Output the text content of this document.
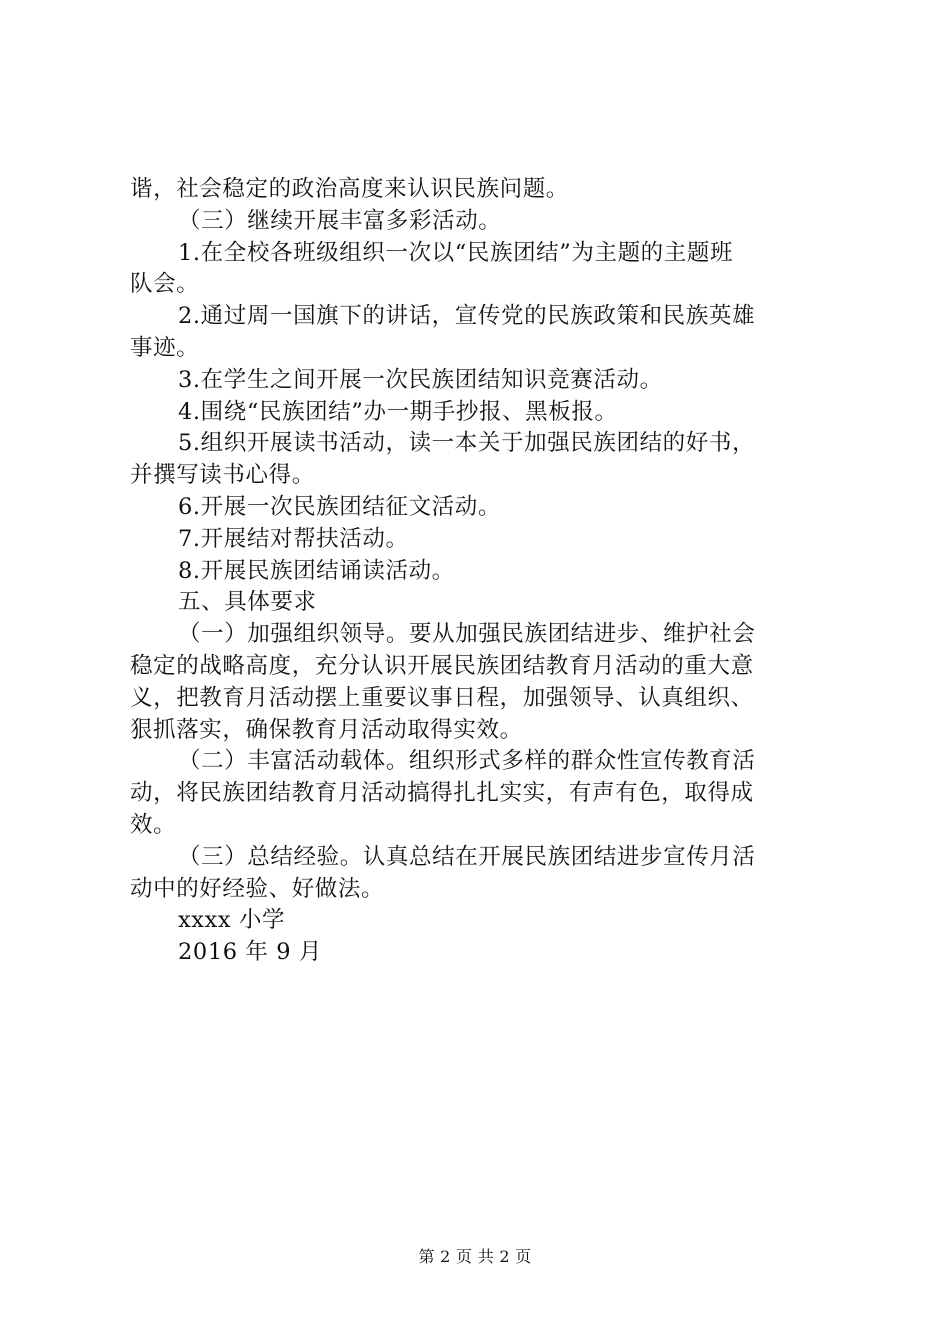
谐，社会稳定的政治高度来认识民族问题。
（三）继续开展丰富多彩活动。
1.在全校各班级组织一次以“民族团结”为主题的主题班
队会。
2.通过周一国旗下的讲话，宣传党的民族政策和民族英雄
事迹。
3.在学生之间开展一次民族团结知识竞赛活动。
4.围绕“民族团结”办一期手抄报、黑板报。
5.组织开展读书活动，读一本关于加强民族团结的好书，
并撰写读书心得。
6.开展一次民族团结征文活动。
7.开展结对帮扶活动。
8.开展民族团结诵读活动。
五、具体要求
（一）加强组织领导。要从加强民族团结进步、维护社会
稳定的战略高度，充分认识开展民族团结教育月活动的重大意
义，把教育月活动摆上重要议事日程，加强领导、认真组织、
狠抓落实，确保教育月活动取得实效。
（二）丰富活动载体。组织形式多样的群众性宣传教育活
动，将民族团结教育月活动搞得扎扎实实，有声有色，取得成
效。
（三）总结经验。认真总结在开展民族团结进步宣传月活
动中的好经验、好做法。
xxxx 小学
2016 年 9 月
第 2 页 共 2 页
